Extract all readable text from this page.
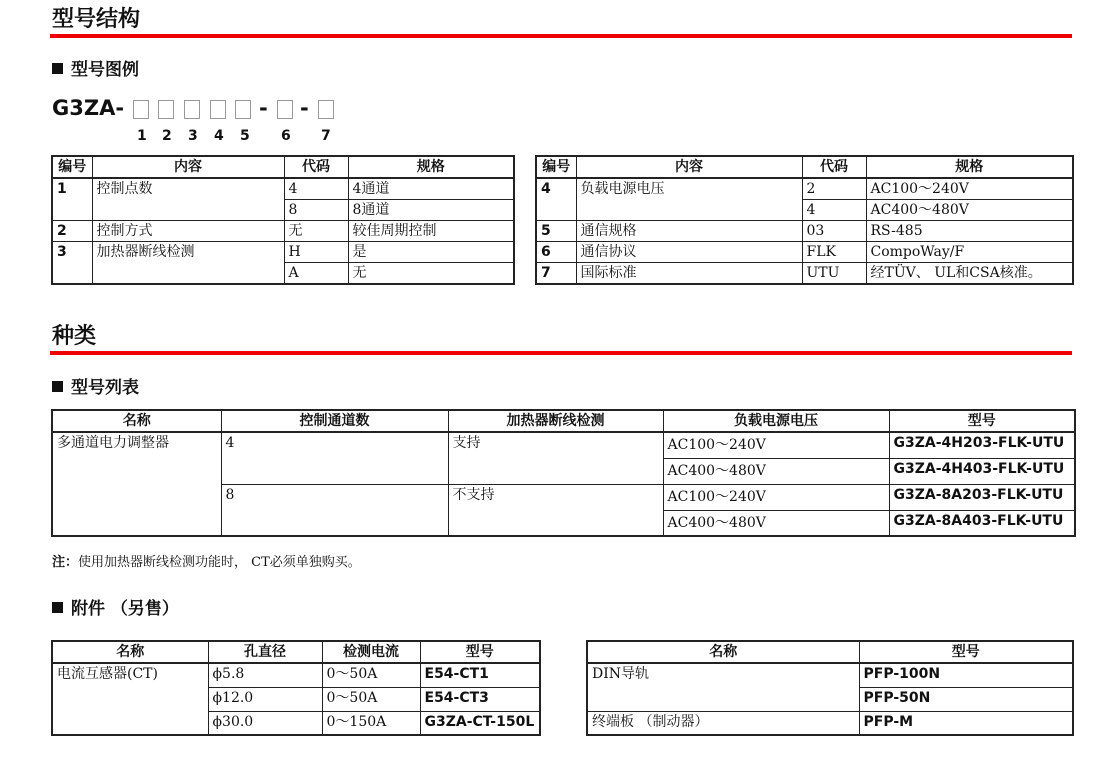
型号结构
型号图例
G3ZA-	- -
1 2 3 4 5 6 7
编号	内容	代码	规格
1	控制点数	4	4通道
		8	8通道
2	控制方式	无	较佳周期控制
3	加热器断线检测	H	是
		A	无
编号	内容	代码	规格
4	负载电源电压	2	AC100～240V
		4	AC400～480V
5	通信规格	03	RS-485
6	通信协议	FLK	CompoWay/F
7	国际标准	UTU	经TÜV、 UL和CSA核准。
种类
型号列表
名称	控制通道数	加热器断线检测	负载电源电压	型号
多通道电力调整器	4	支持	AC100～240V	G3ZA-4H203-FLK-UTU
			AC400～480V	G3ZA-4H403-FLK-UTU
	8	不支持	AC100～240V	G3ZA-8A203-FLK-UTU
			AC400～480V	G3ZA-8A403-FLK-UTU
注：使用加热器断线检测功能时， CT必须单独购买。
附件 （另售）
名称	孔直径	检测电流	型号
电流互感器(CT)	ϕ5.8	0～50A	E54-CT1
	ϕ12.0	0～50A	E54-CT3
	ϕ30.0	0～150A	G3ZA-CT-150L
名称	型号
DIN导轨	PFP-100N
	PFP-50N
终端板 （制动器）	PFP-M
